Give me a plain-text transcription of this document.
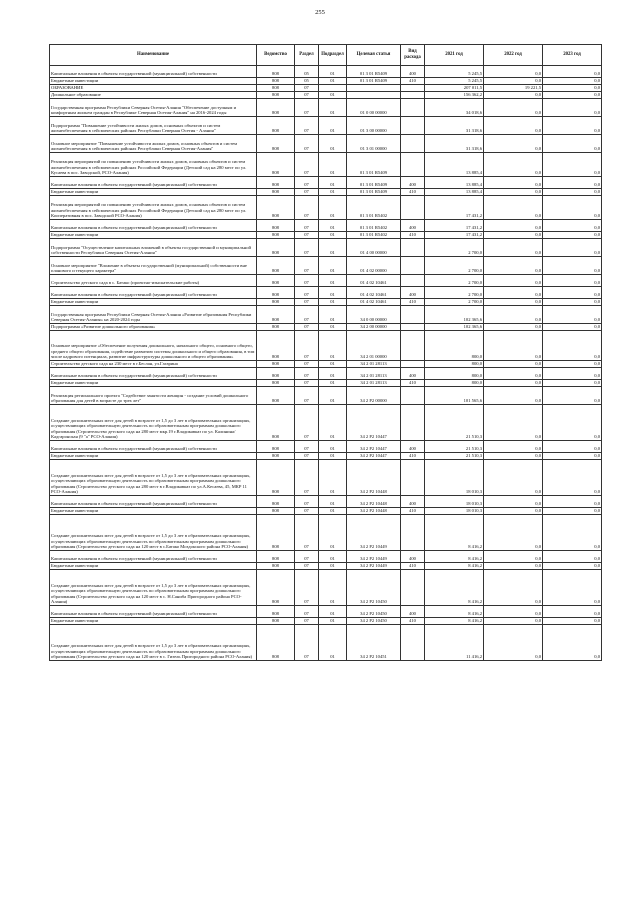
255
Наименование	Ведомство	Раздел	Подраздел	Целевая статья	Вид расхода	2021 год	2022 год	2023 год
Капитальные вложения в объекты государственной (муниципальной) собственности	808	05	01	01 3 01 R5409	400	5 245,5	0,0	0,0
Бюджетные инвестиции	808	05	01	01 3 01 R5409	410	5 245,5	0,0	0,0
ОБРАЗОВАНИЕ	808	07				207 011,5	19 221,5	0,0
Дошкольное образование	808	07	01			156 362,2	0,0	0,0
Государственная программа Республики Северная Осетия-Алания "Обеспечение доступным и комфортным жильем граждан в Республике Северная Осетия-Алания" на 2016-2024 годы	808	07	01	01 0 00 00000		34 018,6	0,0	0,0
Подпрограмма "Повышение устойчивости жилых домов, основных объектов и систем жизнеобеспечения в сейсмических районах Республики Северная Осетия - Алания"	808	07	01	01 3 00 00000		31 318,6	0,0	0,0
Основное мероприятие "Повышение устойчивости жилых домов, основных объектов и систем жизнеобеспечения в сейсмических районах Республики Северная Осетия-Алания"	808	07	01	01 3 01 00000		31 318,6	0,0	0,0
Реализация мероприятий по повышению устойчивости жилых домов, основных объектов и систем жизнеобеспечения в сейсмических районах Российской Федерации (Детский сад на 280 мест по ул. Кусаева в пос. Заводской, РСО-Алания)	808	07	01	01 3 01 R5409		13 885,4	0,0	0,0
Капитальные вложения в объекты государственной (муниципальной) собственности	808	07	01	01 3 01 R5409	400	13 885,4	0,0	0,0
Бюджетные инвестиции	808	07	01	01 3 01 R5409	410	13 885,4	0,0	0,0
Реализация мероприятий по повышению устойчивости жилых домов, основных объектов и систем жизнеобеспечения в сейсмических районах Российской Федерации (Детский сад на 280 мест по ул. Кооперативная в пос. Заводской РСО-Алания)	808	07	01	01 3 01 R5402		17 431,2	0,0	0,0
Капитальные вложения в объекты государственной (муниципальной) собственности	808	07	01	01 3 01 R5402	400	17 431,2	0,0	0,0
Бюджетные инвестиции	808	07	01	01 3 01 R5402	410	17 431,2	0,0	0,0
Подпрограмма "Осуществление капитальных вложений в объекты государственной и муниципальной собственности Республики Северная Осетия-Алания"	808	07	01	01 4 00 00000		2 700,0	0,0	0,0
Основное мероприятие "Вложение в объекты государственной (муниципальной) собственности вне планового и текущего характера"	808	07	01	01 4 02 00000		2 700,0	0,0	0,0
Строительство детского сада в с. Батако (проектно-изыскательские работы)	808	07	01	01 4 02 10461		2 700,0	0,0	0,0
Капитальные вложения в объекты государственной (муниципальной) собственности	808	07	01	01 4 02 10461	400	2 700,0	0,0	0,0
Бюджетные инвестиции	808	07	01	01 4 02 10461	410	2 700,0	0,0	0,0
Государственная программа Республики Северная Осетия-Алания «Развитие образования Республики Северная Осетия-Алания» на 2020-2024 годы	808	07	01	34 0 00 00000		102 365,6	0,0	0,0
Подпрограмма «Развитие дошкольного образования»	808	07	01	34 2 00 00000		102 365,6	0,0	0,0
Основное мероприятие «Обеспечение получения дошкольного, начального общего, основного общего, среднего общего образования, содействие развитию системы дошкольного и общего образования, в том числе кадрового потенциала, развитие инфраструктуры дошкольного и общего образования»	808	07	01	34 2 01 00000		800,0	0,0	0,0
Строительство детского сада на 230 мест в г.Беслан, ул.Гагарина	808	07	01	34 2 01 28113		800,0	0,0	0,0
Капитальные вложения в объекты государственной (муниципальной) собственности	808	07	01	34 2 01 28113	400	800,0	0,0	0,0
Бюджетные инвестиции	808	07	01	34 2 01 28113	410	800,0	0,0	0,0
Реализация регионального проекта "Содействие занятости женщин - создание условий дошкольного образования для детей в возрасте до трех лет"	808	07	01	34 2 P2 00000		101 565,6	0,0	0,0
Создание дополнительных мест для детей в возрасте от 1,5 до 3 лет в образовательных организациях, осуществляющих образовательную деятельность по образовательным программам дошкольного образования (Строительство детского сада на 280 мест мкр.19 г.Владикавказ по ул. Калинина/Кадгаронская (9 "а" РСО-Алания)	808	07	01	34 2 P2 10447		21 510,3	0,0	0,0
Капитальные вложения в объекты государственной (муниципальной) собственности	808	07	01	34 2 P2 10447	400	21 510,3	0,0	0,0
Бюджетные инвестиции	808	07	01	34 2 P2 10447	410	21 510,3	0,0	0,0
Создание дополнительных мест для детей в возрасте от 1,5 до 3 лет в образовательных организациях, осуществляющих образовательную деятельность по образовательным программам дошкольного образования (Строительство детского сада на 280 мест в г.Владикавказ по ул.А.Кесаева, 45, МКР 11 РСО-Алания)	808	07	01	34 2 P2 10448		18 010,3	0,0	0,0
Капитальные вложения в объекты государственной (муниципальной) собственности	808	07	01	34 2 P2 10448	400	18 010,3	0,0	0,0
Бюджетные инвестиции	808	07	01	34 2 P2 10448	410	18 010,3	0,0	0,0
Создание дополнительных мест для детей в возрасте от 1,5 до 3 лет в образовательных организациях, осуществляющих образовательную деятельность по образовательным программам дошкольного образования (Строительство детского сада на 120 мест в с.Батако Моздокского района РСО-Алания)	808	07	01	34 2 P2 10449		8 416,2	0,0	0,0
Капитальные вложения в объекты государственной (муниципальной) собственности	808	07	01	34 2 P2 10449	400	8 416,2	0,0	0,0
Бюджетные инвестиции	808	07	01	34 2 P2 10449	410	8 416,2	0,0	0,0
Создание дополнительных мест для детей в возрасте от 1,5 до 3 лет в образовательных организациях, осуществляющих образовательную деятельность по образовательным программам дошкольного образования (Строительство детского сада на 120 мест в с. Н.Саниба Пригородного района РСО-Алания)	808	07	01	34 2 P2 10450		8 416,2	0,0	0,0
Капитальные вложения в объекты государственной (муниципальной) собственности	808	07	01	34 2 P2 10450	400	8 416,2	0,0	0,0
Бюджетные инвестиции	808	07	01	34 2 P2 10450	410	8 416,2	0,0	0,0
Создание дополнительных мест для детей в возрасте от 1,5 до 3 лет в образовательных организациях, осуществляющих образовательную деятельность по образовательным программам дошкольного образования (Строительство детского сада на 120 мест в с. Гизель Пригородного района РСО-Алания)	808	07	01	34 2 P2 10451		11 416,2	0,0	0,0
